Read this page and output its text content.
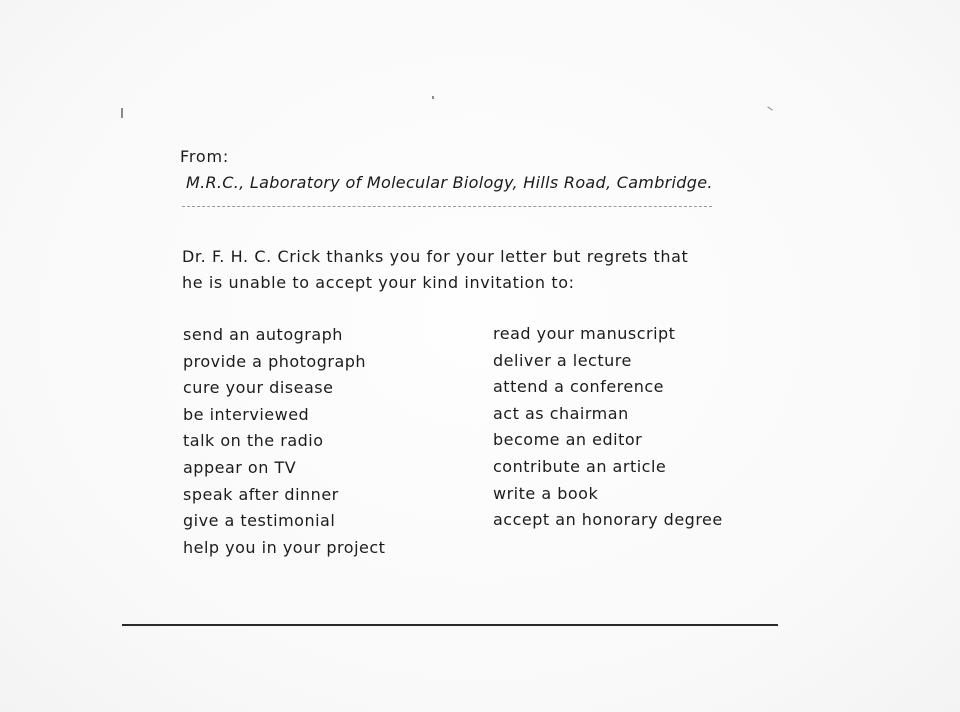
From:
M.R.C., Laboratory of Molecular Biology, Hills Road, Cambridge.
Dr. F. H. C. Crick thanks you for your letter but regrets that
he is unable to accept your kind invitation to:
send an autograph
provide a photograph
cure your disease
be interviewed
talk on the radio
appear on TV
speak after dinner
give a testimonial
help you in your project
read your manuscript
deliver a lecture
attend a conference
act as chairman
become an editor
contribute an article
write a book
accept an honorary degree
